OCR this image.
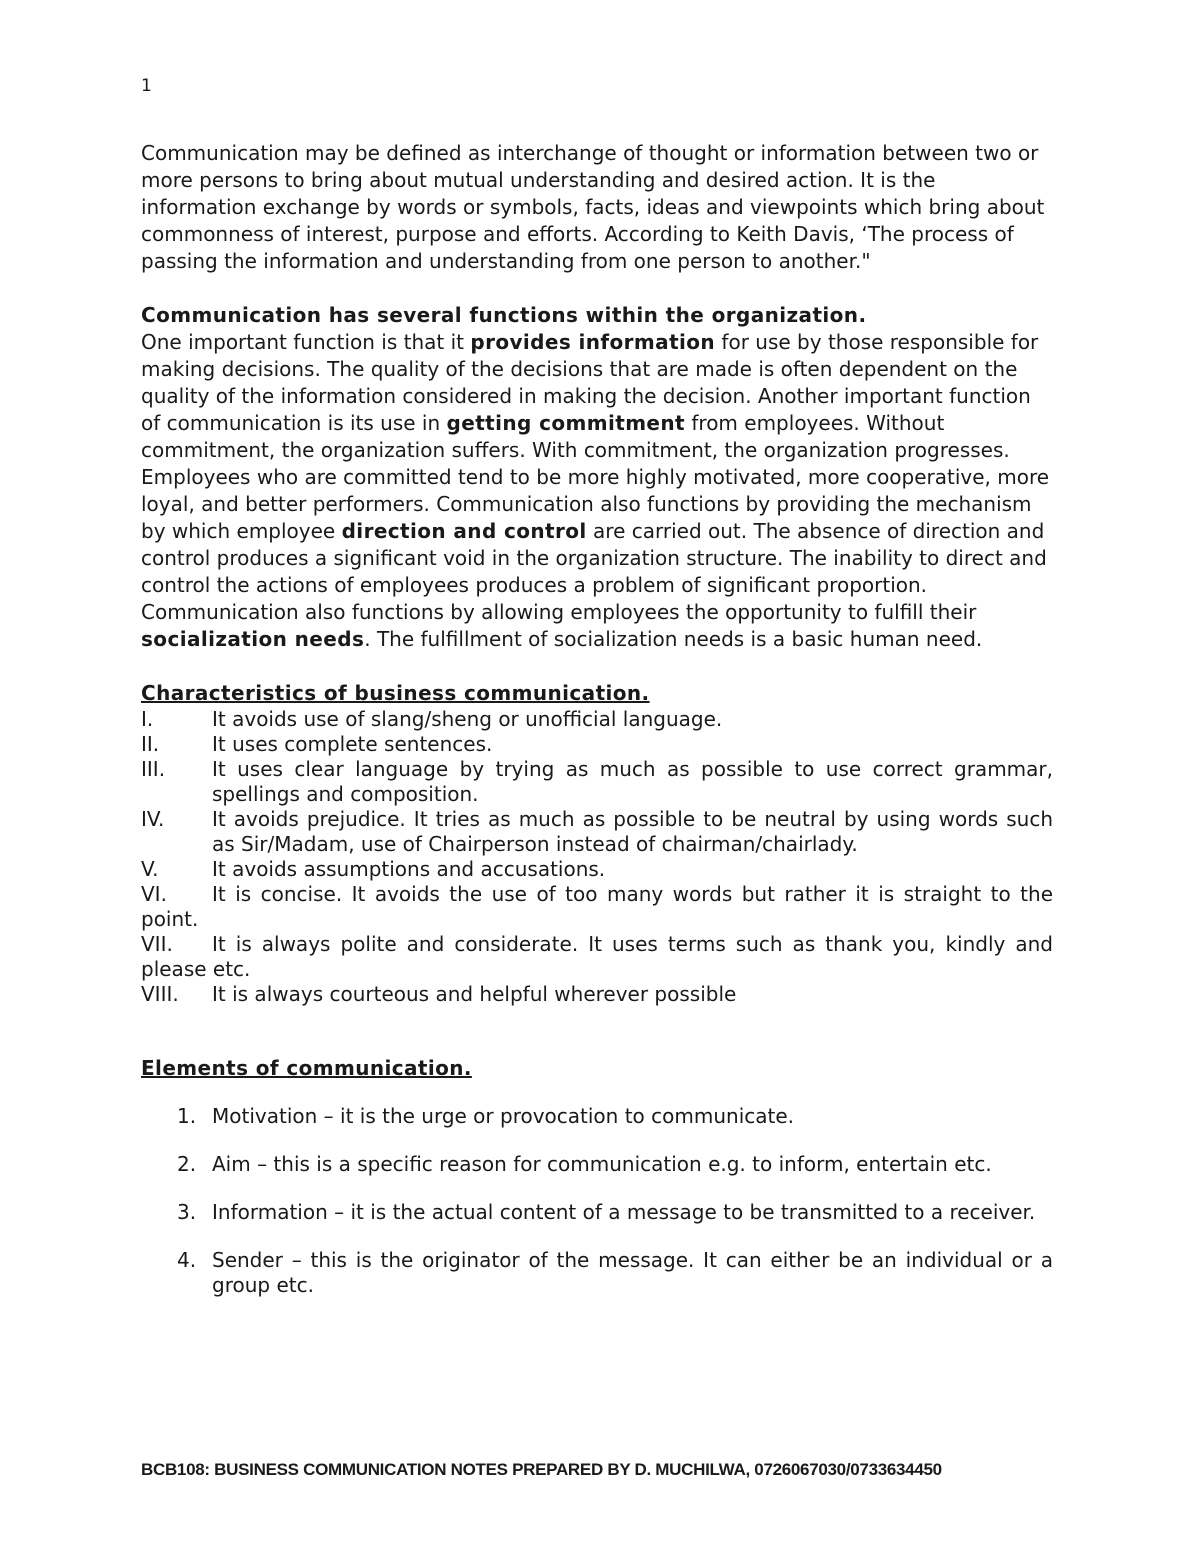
1

Communication may be defined as interchange of thought or information between two or more persons to bring about mutual understanding and desired action. It is the information exchange by words or symbols, facts, ideas and viewpoints which bring about commonness of interest, purpose and efforts. According to Keith Davis, ‘The process of passing the information and understanding from one person to another."

Communication has several functions within the organization.

One important function is that it provides information for use by those responsible for making decisions. The quality of the decisions that are made is often dependent on the quality of the information considered in making the decision. Another important function of communication is its use in getting commitment from employees. Without commitment, the organization suffers. With commitment, the organization progresses. Employees who are committed tend to be more highly motivated, more cooperative, more loyal, and better performers. Communication also functions by providing the mechanism by which employee direction and control are carried out. The absence of direction and control produces a significant void in the organization structure. The inability to direct and control the actions of employees produces a problem of significant proportion. Communication also functions by allowing employees the opportunity to fulfill their socialization needs. The fulfillment of socialization needs is a basic human need.

Characteristics of business communication.

I.	It avoids use of slang/sheng or unofficial language.
II.	It uses complete sentences.
III. It uses clear language by trying as much as possible to use correct grammar, spellings and composition.
IV. It avoids prejudice. It tries as much as possible to be neutral by using words such as Sir/Madam, use of Chairperson instead of chairman/chairlady.
V.	It avoids assumptions and accusations.
VI. It is concise. It avoids the use of too many words but rather it is straight to the point.
VII. It is always polite and considerate. It uses terms such as thank you, kindly and please etc.
VIII. It is always courteous and helpful wherever possible

Elements of communication.

1. Motivation – it is the urge or provocation to communicate.
2. Aim – this is a specific reason for communication e.g. to inform, entertain etc.
3. Information – it is the actual content of a message to be transmitted to a receiver.
4. Sender – this is the originator of the message. It can either be an individual or a group etc.
BCB108: BUSINESS COMMUNICATION NOTES PREPARED BY D. MUCHILWA, 0726067030/0733634450
